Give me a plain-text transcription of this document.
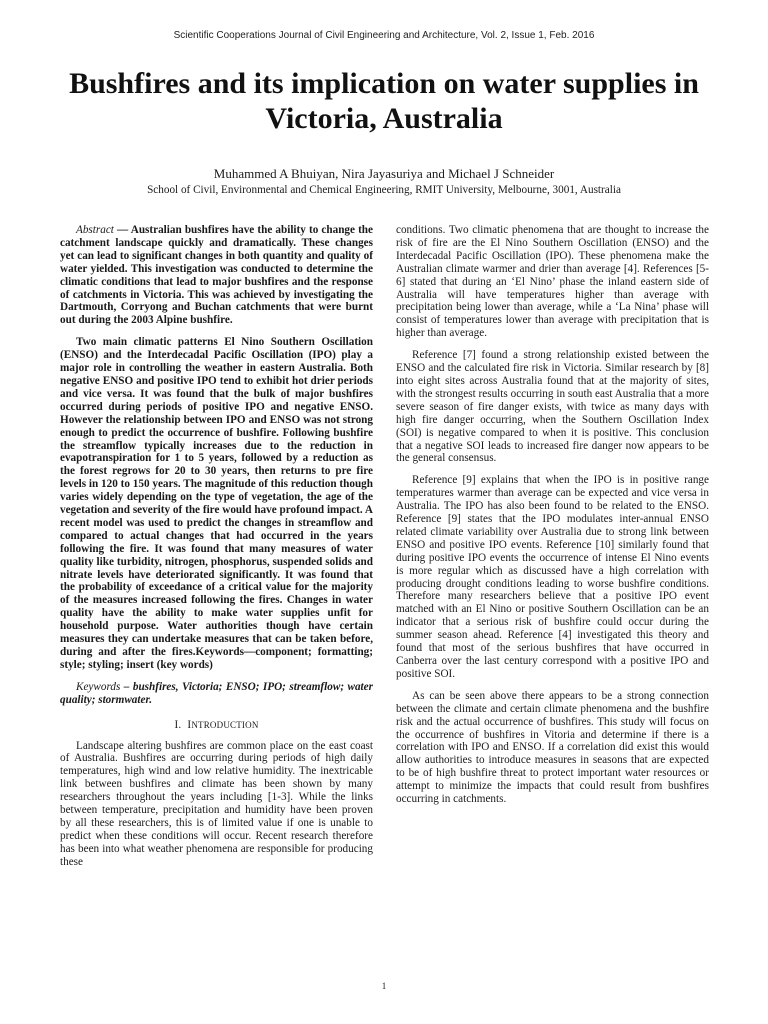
Scientific Cooperations Journal of Civil Engineering and Architecture, Vol. 2, Issue 1, Feb. 2016
Bushfires and its implication on water supplies in Victoria, Australia
Muhammed A Bhuiyan, Nira Jayasuriya and Michael J Schneider
School of Civil, Environmental and Chemical Engineering, RMIT University, Melbourne, 3001, Australia

Abstract — Australian bushfires have the ability to change the catchment landscape quickly and dramatically. These changes yet can lead to significant changes in both quantity and quality of water yielded. This investigation was conducted to determine the climatic conditions that lead to major bushfires and the response of catchments in Victoria. This was achieved by investigating the Dartmouth, Corryong and Buchan catchments that were burnt out during the 2003 Alpine bushfire.

Two main climatic patterns El Nino Southern Oscillation (ENSO) and the Interdecadal Pacific Oscillation (IPO) play a major role in controlling the weather in eastern Australia. Both negative ENSO and positive IPO tend to exhibit hot drier periods and vice versa. It was found that the bulk of major bushfires occurred during periods of positive IPO and negative ENSO. However the relationship between IPO and ENSO was not strong enough to predict the occurrence of bushfire. Following bushfire the streamflow typically increases due to the reduction in evapotranspiration for 1 to 5 years, followed by a reduction as the forest regrows for 20 to 30 years, then returns to pre fire levels in 120 to 150 years. The magnitude of this reduction though varies widely depending on the type of vegetation, the age of the vegetation and severity of the fire would have profound impact. A recent model was used to predict the changes in streamflow and compared to actual changes that had occurred in the years following the fire. It was found that many measures of water quality like turbidity, nitrogen, phosphorus, suspended solids and nitrate levels have deteriorated significantly. It was found that the probability of exceedance of a critical value for the majority of the measures increased following the fires. Changes in water quality have the ability to make water supplies unfit for household purpose. Water authorities though have certain measures they can undertake measures that can be taken before, during and after the fires.Keywords—component; formatting; style; styling; insert (key words)

Keywords – bushfires, Victoria; ENSO; IPO; streamflow; water quality; stormwater.

I. INTRODUCTION

Landscape altering bushfires are common place on the east coast of Australia. Bushfires are occurring during periods of high daily temperatures, high wind and low relative humidity. The inextricable link between bushfires and climate has been shown by many researchers throughout the years including [1-3]. While the links between temperature, precipitation and humidity have been proven by all these researchers, this is of limited value if one is unable to predict when these conditions will occur. Recent research therefore has been into what weather phenomena are responsible for producing these

conditions. Two climatic phenomena that are thought to increase the risk of fire are the El Nino Southern Oscillation (ENSO) and the Interdecadal Pacific Oscillation (IPO). These phenomena make the Australian climate warmer and drier than average [4]. References [5-6] stated that during an ‘El Nino’ phase the inland eastern side of Australia will have temperatures higher than average with precipitation being lower than average, while a ‘La Nina’ phase will consist of temperatures lower than average with precipitation that is higher than average.

Reference [7] found a strong relationship existed between the ENSO and the calculated fire risk in Victoria. Similar research by [8] into eight sites across Australia found that at the majority of sites, with the strongest results occurring in south east Australia that a more severe season of fire danger exists, with twice as many days with high fire danger occurring, when the Southern Oscillation Index (SOI) is negative compared to when it is positive. This conclusion that a negative SOI leads to increased fire danger now appears to be the general consensus.

Reference [9] explains that when the IPO is in positive range temperatures warmer than average can be expected and vice versa in Australia. The IPO has also been found to be related to the ENSO. Reference [9] states that the IPO modulates inter-annual ENSO related climate variability over Australia due to strong link between ENSO and positive IPO events. Reference [10] similarly found that during positive IPO events the occurrence of intense El Nino events is more regular which as discussed have a high correlation with producing drought conditions leading to worse bushfire conditions. Therefore many researchers believe that a positive IPO event matched with an El Nino or positive Southern Oscillation can be an indicator that a serious risk of bushfire could occur during the summer season ahead. Reference [4] investigated this theory and found that most of the serious bushfires that have occurred in Canberra over the last century correspond with a positive IPO and positive SOI.

As can be seen above there appears to be a strong connection between the climate and certain climate phenomena and the bushfire risk and the actual occurrence of bushfires. This study will focus on the occurrence of bushfires in Vitoria and determine if there is a correlation with IPO and ENSO. If a correlation did exist this would allow authorities to introduce measures in seasons that are expected to be of high bushfire threat to protect important water resources or attempt to minimize the impacts that could result from bushfires occurring in catchments.

1
